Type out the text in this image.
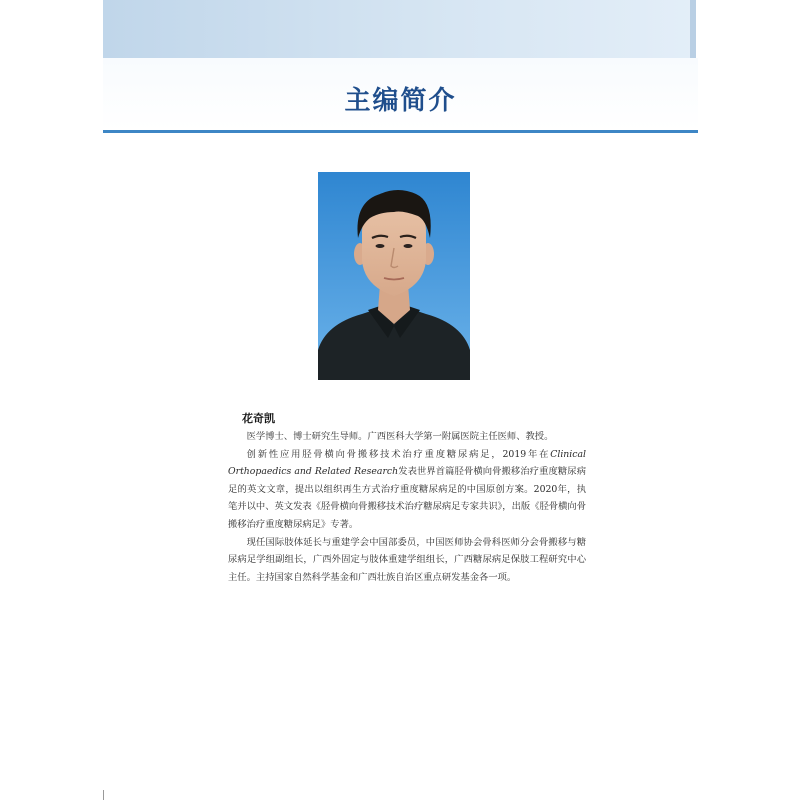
主编简介
花奇凯

医学博士、博士研究生导师。广西医科大学第一附属医院主任医师、教授。

创新性应用胫骨横向骨搬移技术治疗重度糖尿病足，2019年在Clinical Orthopaedics and Related Research发表世界首篇胫骨横向骨搬移治疗重度糖尿病足的英文文章，提出以组织再生方式治疗重度糖尿病足的中国原创方案。2020年，执笔并以中、英文发表《胫骨横向骨搬移技术治疗糖尿病足专家共识》，出版《胫骨横向骨搬移治疗重度糖尿病足》专著。

现任国际肢体延长与重建学会中国部委员，中国医师协会骨科医师分会骨搬移与糖尿病足学组副组长，广西外固定与肢体重建学组组长，广西糖尿病足保肢工程研究中心主任。主持国家自然科学基金和广西壮族自治区重点研发基金各一项。
